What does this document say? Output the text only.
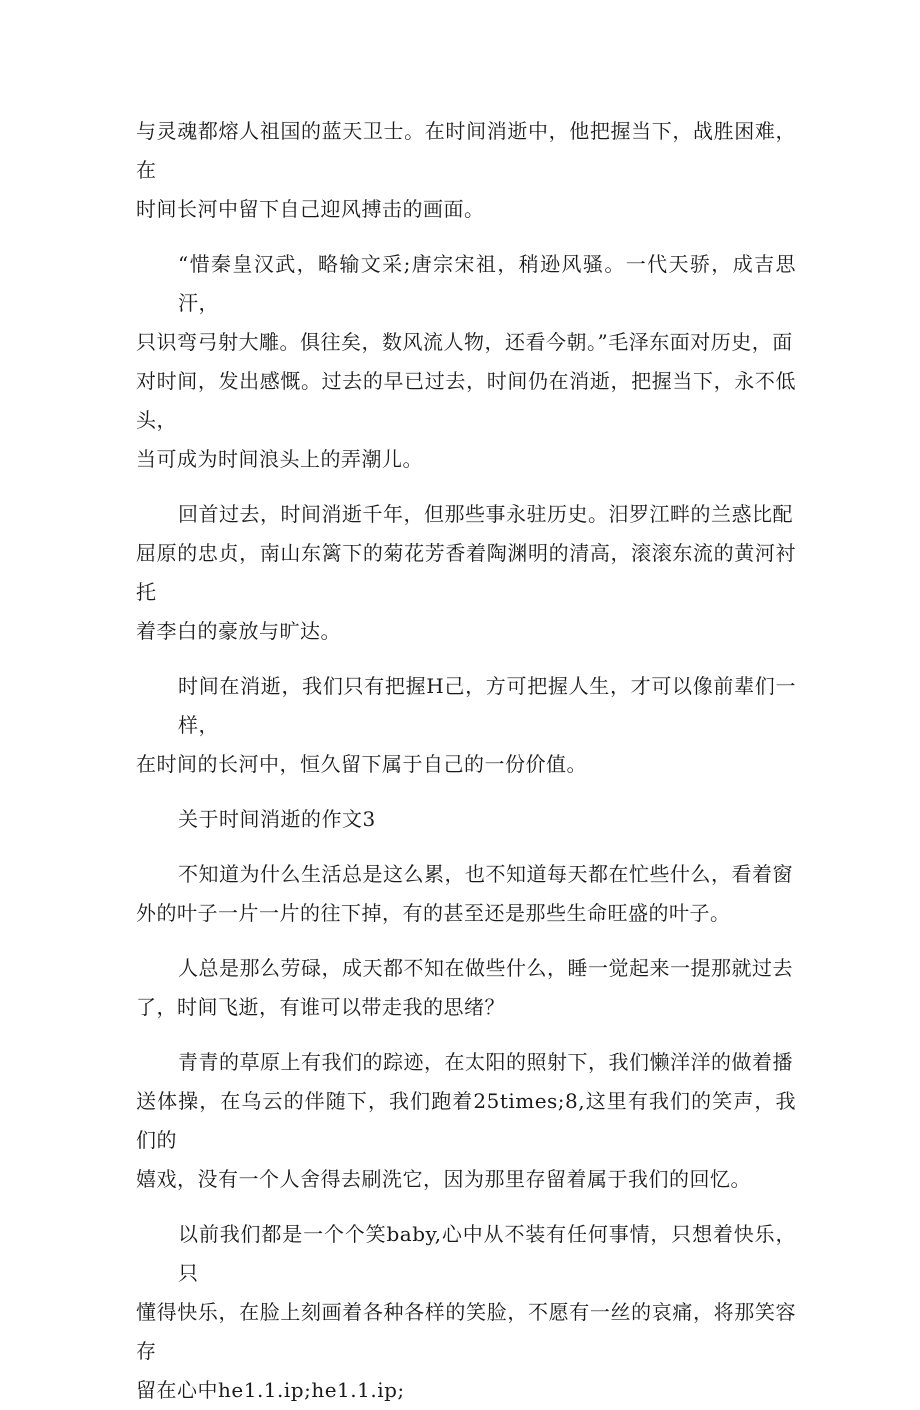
与灵魂都熔人祖国的蓝天卫士。在时间消逝中，他把握当下，战胜困难，在
时间长河中留下自己迎风搏击的画面。
“惜秦皇汉武，略输文采;唐宗宋祖，稍逊风骚。一代天骄，成吉思汗，
只识弯弓射大雕。俱往矣，数风流人物，还看今朝。”毛泽东面对历史，面
对时间，发出感慨。过去的早已过去，时间仍在消逝，把握当下，永不低头，
当可成为时间浪头上的弄潮儿。
回首过去，时间消逝千年，但那些事永驻历史。汨罗江畔的兰惑比配
屈原的忠贞，南山东篱下的菊花芳香着陶渊明的清高，滚滚东流的黄河衬托
着李白的豪放与旷达。
时间在消逝，我们只有把握H己，方可把握人生，才可以像前辈们一样，
在时间的长河中，恒久留下属于自己的一份价值。
关于时间消逝的作文3
不知道为什么生活总是这么累，也不知道每天都在忙些什么，看着窗
外的叶子一片一片的往下掉，有的甚至还是那些生命旺盛的叶子。
人总是那么劳碌，成天都不知在做些什么，睡一觉起来一提那就过去
了，时间飞逝，有谁可以带走我的思绪？
青青的草原上有我们的踪迹，在太阳的照射下，我们懒洋洋的做着播
送体操，在乌云的伴随下，我们跑着25times;8,这里有我们的笑声，我们的
嬉戏，没有一个人舍得去刷洗它，因为那里存留着属于我们的回忆。
以前我们都是一个个笑baby,心中从不装有任何事情，只想着快乐，只
懂得快乐，在脸上刻画着各种各样的笑脸，不愿有一丝的哀痛，将那笑容存
留在心中he1.1.ip;he1.1.ip;
